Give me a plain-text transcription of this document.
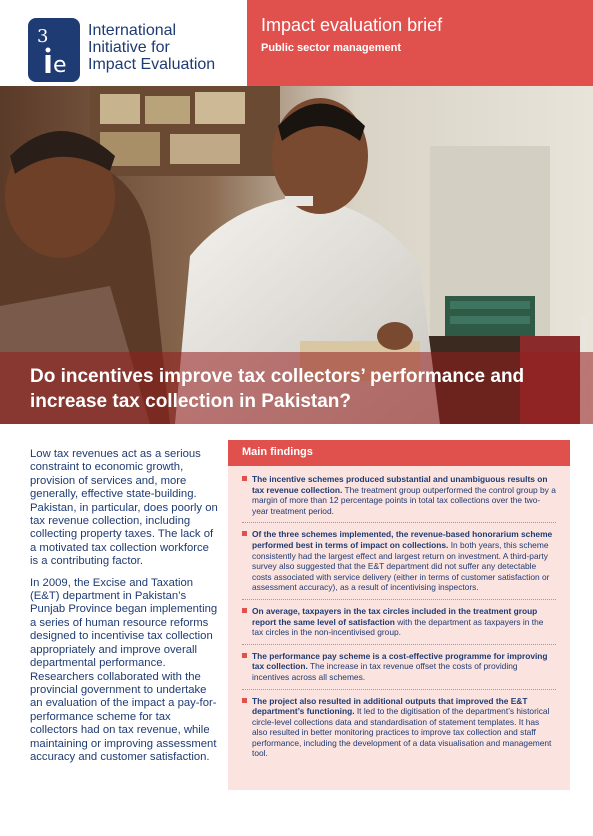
3
e
International
Initiative for
Impact Evaluation
Impact evaluation brief
Public sector management
Do incentives improve tax collectors’ performance and increase tax collection in Pakistan?

Low tax revenues act as a serious constraint to economic growth, provision of services and, more generally, effective state-building. Pakistan, in particular, does poorly on tax revenue collection, including collecting property taxes. The lack of a motivated tax collection workforce is a contributing factor.

In 2009, the Excise and Taxation (E&T) department in Pakistan’s Punjab Province began implementing a series of human resource reforms designed to incentivise tax collection appropriately and improve overall departmental performance. Researchers collaborated with the provincial government to undertake an evaluation of the impact a pay-for-performance scheme for tax collectors had on tax revenue, while maintaining or improving assessment accuracy and customer satisfaction.

Main findings
The incentive schemes produced substantial and unambiguous results on tax revenue collection. The treatment group outperformed the control group by a margin of more than 12 percentage points in total tax collections over the two-year treatment period.
Of the three schemes implemented, the revenue-based honorarium scheme performed best in terms of impact on collections. In both years, this scheme consistently had the largest effect and largest return on investment. A third-party survey also suggested that the E&T department did not suffer any detectable costs associated with service delivery (either in terms of customer satisfaction or assessment accuracy), as a result of incentivising inspectors.
On average, taxpayers in the tax circles included in the treatment group report the same level of satisfaction with the department as taxpayers in the tax circles in the non-incentivised group.
The performance pay scheme is a cost-effective programme for improving tax collection. The increase in tax revenue offset the costs of providing incentives across all schemes.
The project also resulted in additional outputs that improved the E&T department’s functioning. It led to the digitisation of the department’s historical circle-level collections data and standardisation of statement templates. It has also resulted in better monitoring practices to improve tax collection and staff performance, including the development of a data visualisation and management tool.
